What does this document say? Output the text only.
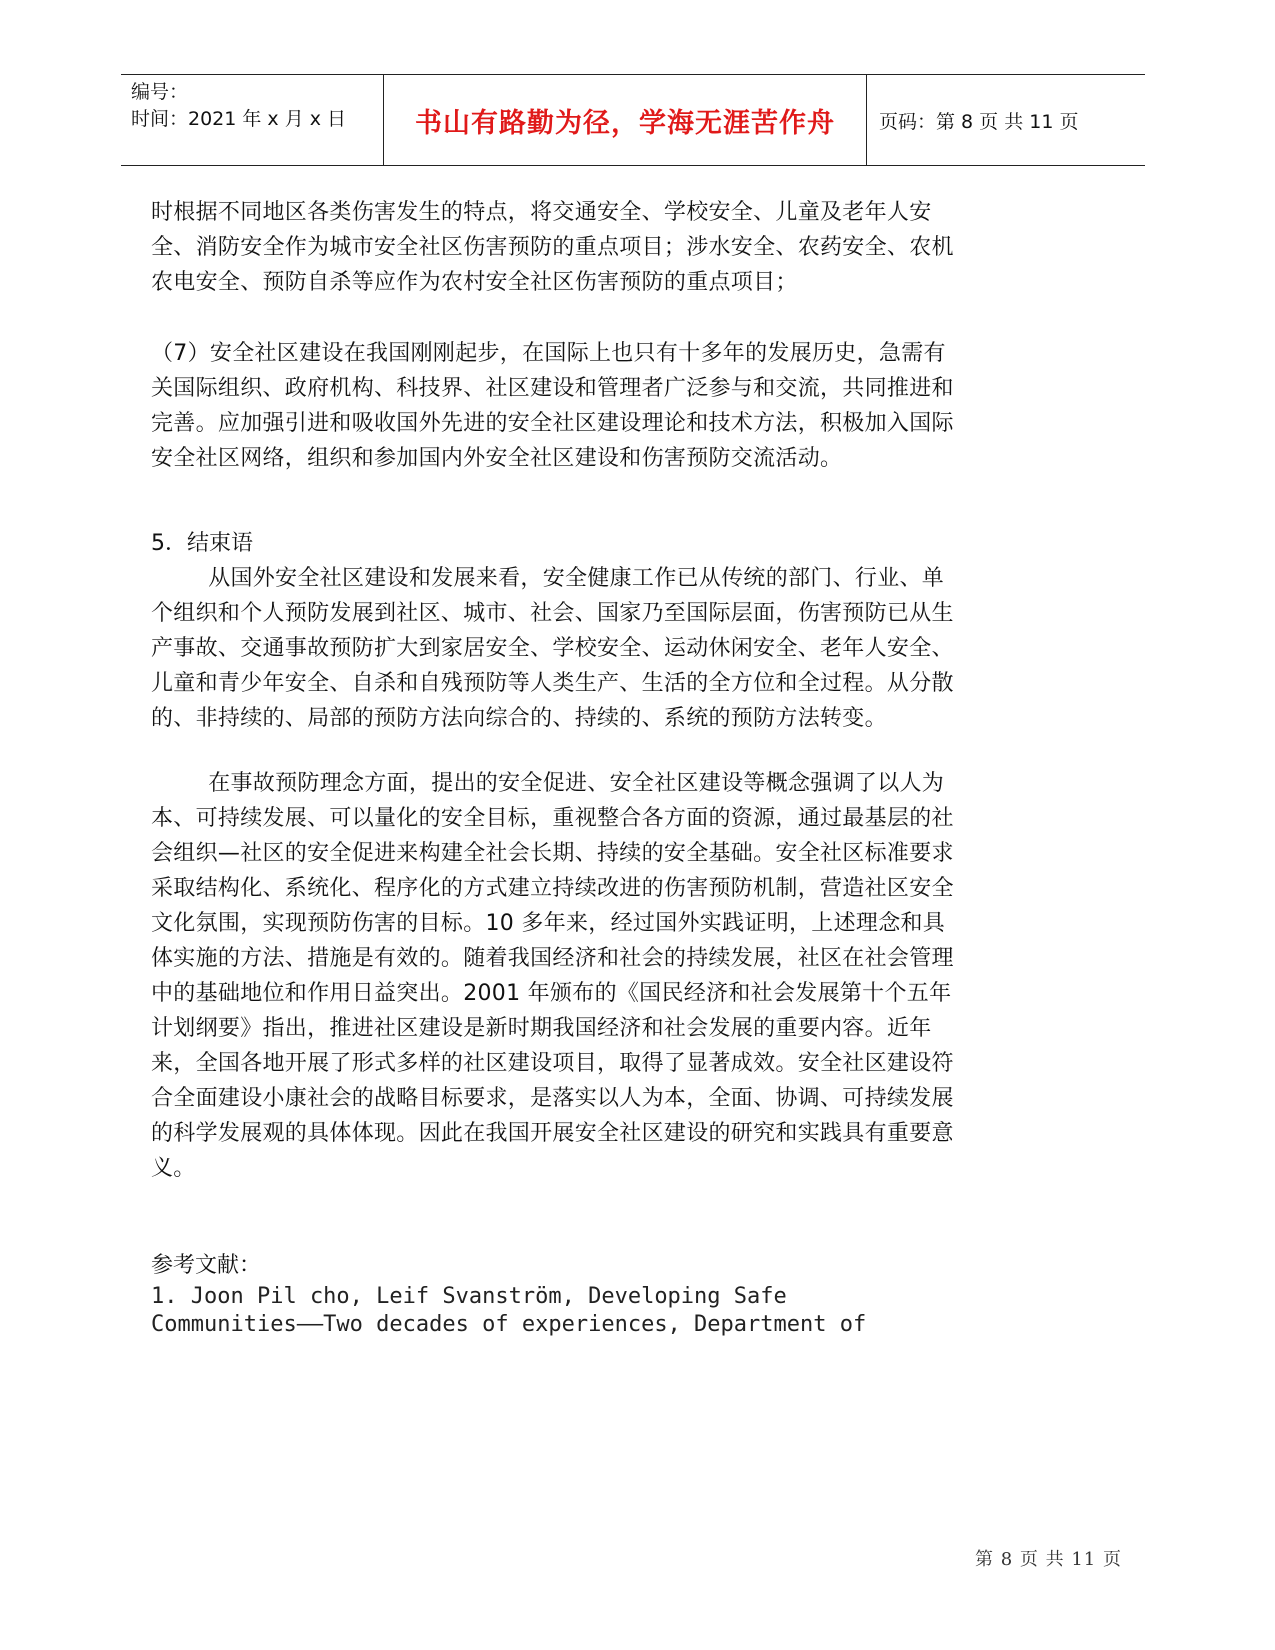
编号：
时间：2021 年 x 月 x 日	书山有路勤为径，学海无涯苦作舟 页码：第 8 页 共 11 页

时根据不同地区各类伤害发生的特点，将交通安全、学校安全、儿童及老年人安全、消防安全作为城市安全社区伤害预防的重点项目；涉水安全、农药安全、农机农电安全、预防自杀等应作为农村安全社区伤害预防的重点项目；

（7）安全社区建设在我国刚刚起步，在国际上也只有十多年的发展历史，急需有关国际组织、政府机构、科技界、社区建设和管理者广泛参与和交流，共同推进和完善。应加强引进和吸收国外先进的安全社区建设理论和技术方法，积极加入国际安全社区网络，组织和参加国内外安全社区建设和伤害预防交流活动。

5．结束语

从国外安全社区建设和发展来看，安全健康工作已从传统的部门、行业、单个组织和个人预防发展到社区、城市、社会、国家乃至国际层面，伤害预防已从生产事故、交通事故预防扩大到家居安全、学校安全、运动休闲安全、老年人安全、儿童和青少年安全、自杀和自残预防等人类生产、生活的全方位和全过程。从分散的、非持续的、局部的预防方法向综合的、持续的、系统的预防方法转变。

在事故预防理念方面，提出的安全促进、安全社区建设等概念强调了以人为本、可持续发展、可以量化的安全目标，重视整合各方面的资源，通过最基层的社会组织—社区的安全促进来构建全社会长期、持续的安全基础。安全社区标准要求采取结构化、系统化、程序化的方式建立持续改进的伤害预防机制，营造社区安全文化氛围，实现预防伤害的目标。10 多年来，经过国外实践证明，上述理念和具体实施的方法、措施是有效的。随着我国经济和社会的持续发展，社区在社会管理中的基础地位和作用日益突出。2001 年颁布的《国民经济和社会发展第十个五年计划纲要》指出，推进社区建设是新时期我国经济和社会发展的重要内容。近年来，全国各地开展了形式多样的社区建设项目，取得了显著成效。安全社区建设符合全面建设小康社会的战略目标要求，是落实以人为本，全面、协调、可持续发展的科学发展观的具体体现。因此在我国开展安全社区建设的研究和实践具有重要意义。

参考文献：

1. Joon Pil cho, Leif Svanström, Developing Safe

Communities——Two decades of experiences, Department of

第 8 页 共 11 页
